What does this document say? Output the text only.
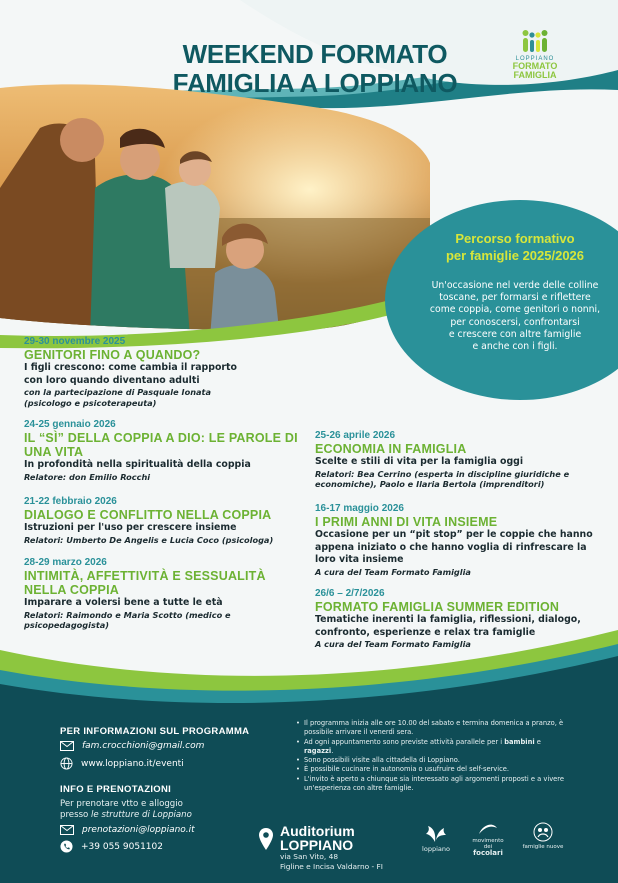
WEEKEND FORMATO
FAMIGLIA A LOPPIANO
LOPPIANO
FORMATO
FAMIGLIA
Percorso formativo
per famiglie 2025/2026
Un'occasione nel verde delle colline
toscane, per formarsi e riflettere
come coppia, come genitori o nonni,
per conoscersi, confrontarsi
e crescere con altre famiglie
e anche con i figli.
29-30 novembre 2025
GENITORI FINO A QUANDO?
I figli crescono: come cambia il rapporto
con loro quando diventano adulti
con la partecipazione di Pasquale Ionata
(psicologo e psicoterapeuta)
24-25 gennaio 2026
IL “SÌ” DELLA COPPIA A DIO: LE PAROLE DI
UNA VITA
In profondità nella spiritualità della coppia
Relatore: don Emilio Rocchi
21-22 febbraio 2026
DIALOGO E CONFLITTO NELLA COPPIA
Istruzioni per l'uso per crescere insieme
Relatori: Umberto De Angelis e Lucia Coco (psicologa)
28-29 marzo 2026
INTIMITÀ, AFFETTIVITÀ E SESSUALITÀ
NELLA COPPIA
Imparare a volersi bene a tutte le età
Relatori: Raimondo e Maria Scotto (medico e
psicopedagogista)
25-26 aprile 2026
ECONOMIA IN FAMIGLIA
Scelte e stili di vita per la famiglia oggi
Relatori: Bea Cerrino (esperta in discipline giuridiche e
economiche), Paolo e Ilaria Bertola (imprenditori)
16-17 maggio 2026
I PRIMI ANNI DI VITA INSIEME
Occasione per un “pit stop” per le coppie che hanno
appena iniziato o che hanno voglia di rinfrescare la
loro vita insieme
A cura del Team Formato Famiglia
26/6 – 2/7/2026
FORMATO FAMIGLIA SUMMER EDITION
Tematiche inerenti la famiglia, riflessioni, dialogo,
confronto, esperienze e relax tra famiglie
A cura del Team Formato Famiglia
PER INFORMAZIONI SUL PROGRAMMA
fam.crocchioni@gmail.com
www.loppiano.it/eventi
INFO E PRENOTAZIONI
Per prenotare vtto e alloggio
presso le strutture di Loppiano
prenotazioni@loppiano.it
+39 055 9051102
• Il programma inizia alle ore 10.00 del sabato e termina domenica a pranzo, è possibile arrivare il venerdì sera.
• Ad ogni appuntamento sono previste attività parallele per i bambini e ragazzi.
• Sono possibili visite alla cittadella di Loppiano.
• È possibile cucinare in autonomia o usufruire del self-service.
• L'invito è aperto a chiunque sia interessato agli argomenti proposti e a vivere un'esperienza con altre famiglie.
Auditorium
LOPPIANO
via San Vito, 48
Figline e Incisa Valdarno - FI
loppiano
movimento dei
focolari
famiglie nuove
